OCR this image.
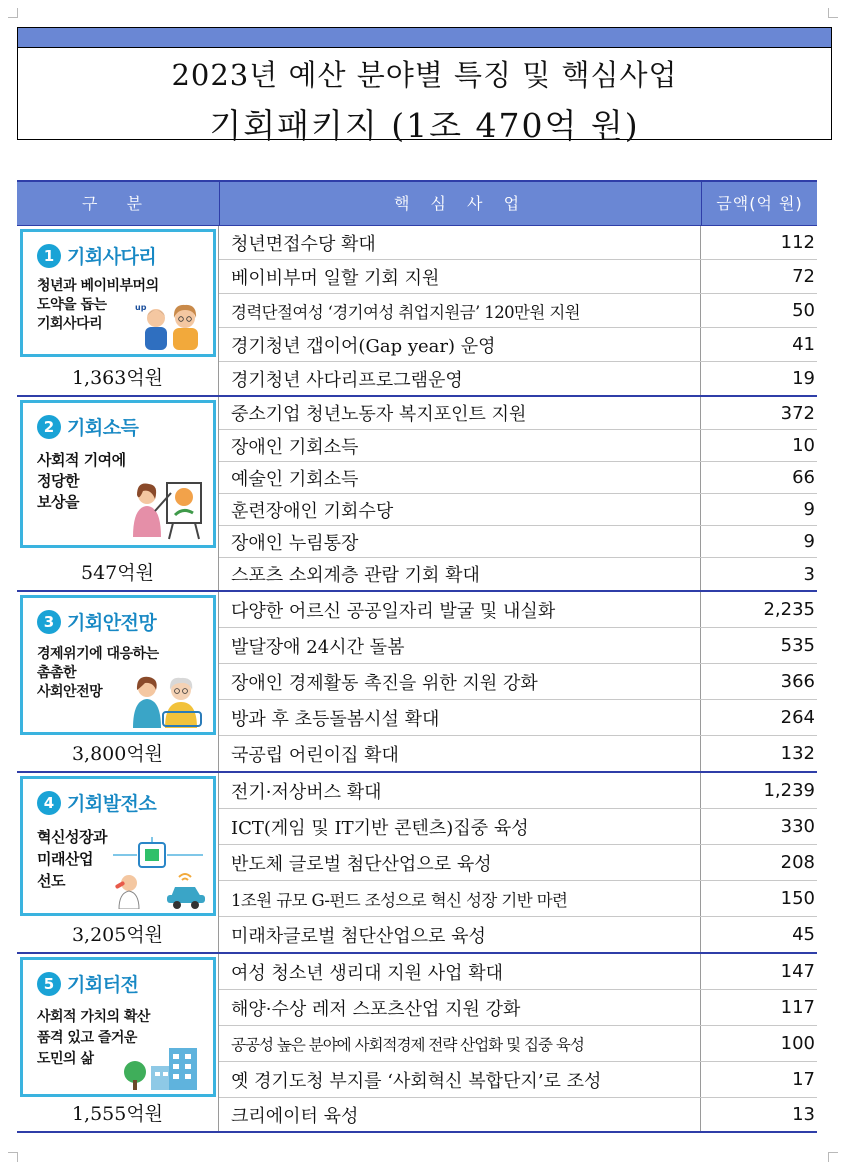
2023년 예산 분야별 특징 및 핵심사업
기회패키지 (1조 470억 원)
구 분	핵 심 사 업	금액(억 원)
1 기회사다리
청년과 베이비부머의
도약을 돕는
기회사다리
up
1,363억원
청년면접수당 확대	112
베이비부머 일할 기회 지원	72
경력단절여성 ‘경기여성 취업지원금’ 120만원 지원	50
경기청년 갭이어(Gap year) 운영	41
경기청년 사다리프로그램운영	19
2 기회소득
사회적 기여에
정당한
보상을
547억원
중소기업 청년노동자 복지포인트 지원	372
장애인 기회소득	10
예술인 기회소득	66
훈련장애인 기회수당	9
장애인 누림통장	9
스포츠 소외계층 관람 기회 확대	3
3 기회안전망
경제위기에 대응하는
촘촘한
사회안전망
3,800억원
다양한 어르신 공공일자리 발굴 및 내실화	2,235
발달장애 24시간 돌봄	535
장애인 경제활동 촉진을 위한 지원 강화	366
방과 후 초등돌봄시설 확대	264
국공립 어린이집 확대	132
4 기회발전소
혁신성장과
미래산업
선도
3,205억원
전기·저상버스 확대	1,239
ICT(게임 및 IT기반 콘텐츠)집중 육성	330
반도체 글로벌 첨단산업으로 육성	208
1조원 규모 G-펀드 조성으로 혁신 성장 기반 마련	150
미래차글로벌 첨단산업으로 육성	45
5 기회터전
사회적 가치의 확산
품격 있고 즐거운
도민의 삶
1,555억원
여성 청소년 생리대 지원 사업 확대	147
해양·수상 레저 스포츠산업 지원 강화	117
공공성 높은 분야에 사회적경제 전략 산업화 및 집중 육성	100
옛 경기도청 부지를 ‘사회혁신 복합단지’로 조성	17
크리에이터 육성	13
